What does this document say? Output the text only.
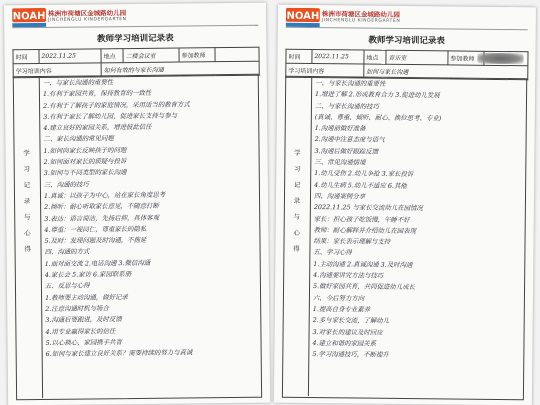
NOAH 株洲市荷塘区金城路幼儿园
JINCHENGLU KINDERGARTEN
教师学习培训记录表
时间	2022.11.25	地点	二楼会议室	参加教师	
学习培训内容		如何有效的与家长沟通			
学
习
记
录
与
心
得
一、与家长沟通的重要性
1.有利于家园共育，保持教育的一致性
2.有利于了解孩子的家庭情况，采用适当的教育方式
3.有利于家长了解幼儿园，促进家长支持与参与
4.建立良好的家园关系，增进彼此信任
二、家长沟通的常见问题
1.如何向家长反映孩子的问题
2.如何面对家长的质疑与投诉
3.如何与不同类型的家长沟通
三、沟通的技巧
1.真诚：以孩子为中心，站在家长角度思考
2.倾听：耐心听取家长意见，不随意打断
3.表达：语言简洁，先扬后抑，具体客观
4.尊重：一视同仁，尊重家长的隐私
5.及时：发现问题及时沟通，不拖延
四、沟通的方式
1.面对面交流 2.电话沟通 3.微信沟通
4.家长会 5.家访 6.家园联系册
五、反思与心得
1.教师要主动沟通，做好记录
2.注意沟通时机与场合
3.沟通后要跟进，及时反馈
4.用专业赢得家长的信任
5.以心换心，家园携手共育
6.如何与家长建立良好关系？需要持续的努力与真诚
NOAH 株洲市荷塘区金城路幼儿园
JINCHENGLU KINDERGARTEN
教师学习培训记录表
时间	2022.11.25	地点	音乐室	参加教师	
学习培训内容		如何与家长沟通			
学
习
记
录
与
心
得
一、与家长沟通的重要性
1.增进了解 2.形成教育合力 3.促进幼儿发展
二、与家长沟通的技巧
(真诚、尊重、倾听、耐心、换位思考、专业)
1.沟通前做好准备
2.沟通中注意态度与语气
3.沟通后做好跟踪反馈
三、常见沟通情境
1.幼儿受伤 2.幼儿争抢 3.家长投诉
4.幼儿生病 5.幼儿不适应 6.其他
四、沟通案例分享
2022.11.25 与家长交流幼儿在园情况
家长：担心孩子吃饭慢，午睡不好
教师：耐心解释并介绍幼儿在园表现
结果：家长表示理解与支持
五、学习心得
1.主动沟通 2.真诚沟通 3.及时沟通
4.沟通要讲究方法与技巧
5.做好家园共育，共同促进幼儿成长
六、今后努力方向
1.提高自身专业素养
2.多与家长交流，了解幼儿
3.对家长的建议及时回应
4.建立和谐的家园关系
5.学习沟通技巧，不断提升
